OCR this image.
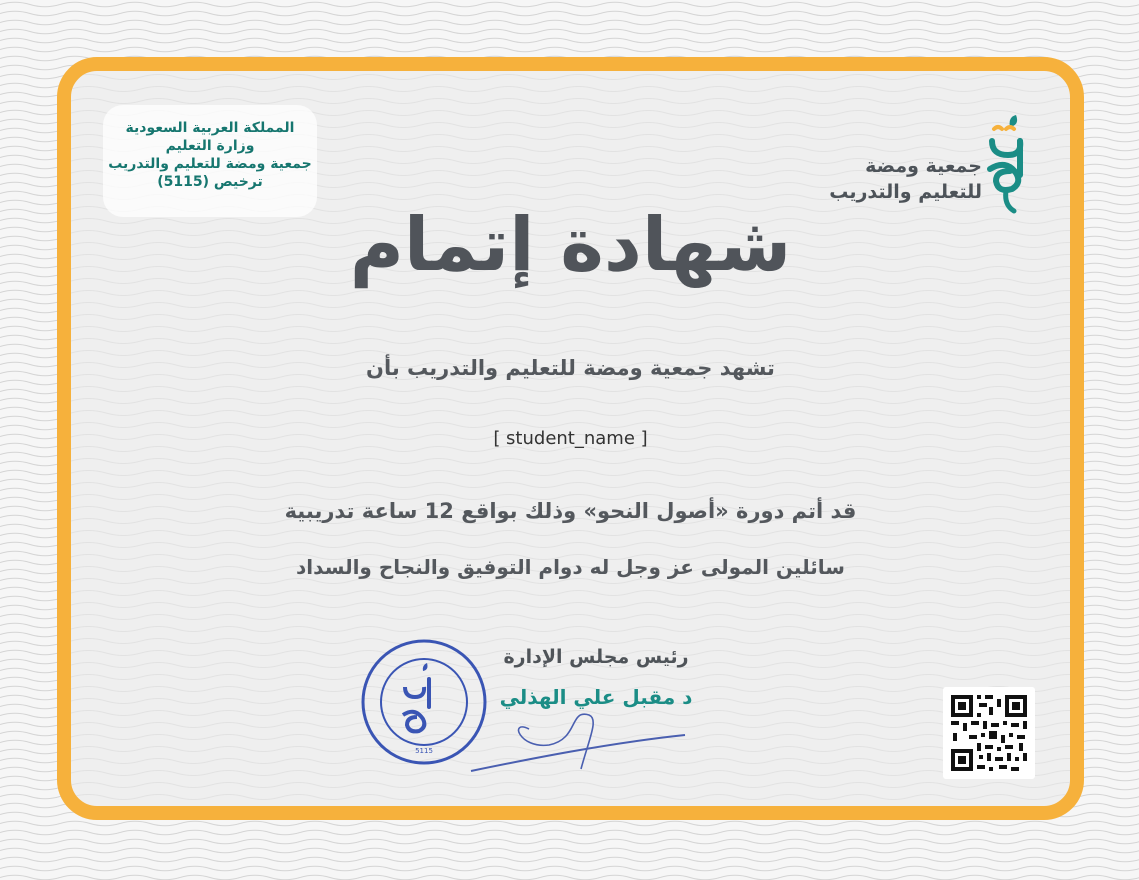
المملكة العربية السعودية
وزارة التعليم
جمعية ومضة للتعليم والتدريب
ترخيص (5115)
جمعية ومضة
للتعليم والتدريب
شهادة إتمام
تشهد جمعية ومضة للتعليم والتدريب بأن
[ student_name ]
قد أتم دورة «أصول النحو» وذلك بواقع 12 ساعة تدريبية
سائلين المولى عز وجل له دوام التوفيق والنجاح والسداد
رئيس مجلس الإدارة
د مقبل علي الهذلي
5115
